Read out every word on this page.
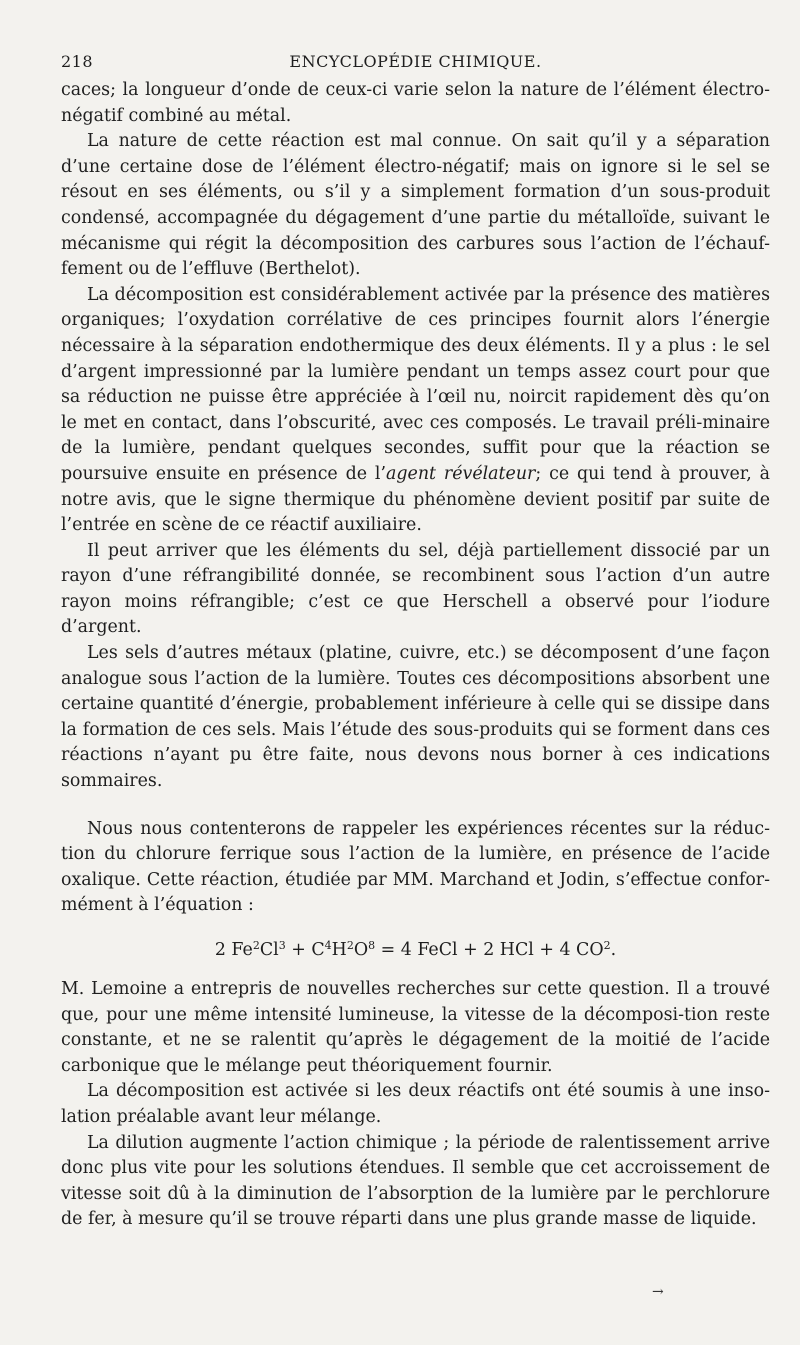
218	ENCYCLOPÉDIE CHIMIQUE.

caces; la longueur d’onde de ceux-ci varie selon la nature de l’élément électro-négatif combiné au métal.

La nature de cette réaction est mal connue. On sait qu’il y a séparation d’une certaine dose de l’élément électro-négatif; mais on ignore si le sel se résout en ses éléments, ou s’il y a simplement formation d’un sous-produit condensé, accompagnée du dégagement d’une partie du métalloïde, suivant le mécanisme qui régit la décomposition des carbures sous l’action de l’échauf-fement ou de l’effluve (Berthelot).

La décomposition est considérablement activée par la présence des matières organiques; l’oxydation corrélative de ces principes fournit alors l’énergie nécessaire à la séparation endothermique des deux éléments. Il y a plus : le sel d’argent impressionné par la lumière pendant un temps assez court pour que sa réduction ne puisse être appréciée à l’œil nu, noircit rapidement dès qu’on le met en contact, dans l’obscurité, avec ces composés. Le travail préli-minaire de la lumière, pendant quelques secondes, suffit pour que la réaction se poursuive ensuite en présence de l’agent révélateur; ce qui tend à prouver, à notre avis, que le signe thermique du phénomène devient positif par suite de l’entrée en scène de ce réactif auxiliaire.

Il peut arriver que les éléments du sel, déjà partiellement dissocié par un rayon d’une réfrangibilité donnée, se recombinent sous l’action d’un autre rayon moins réfrangible; c’est ce que Herschell a observé pour l’iodure d’argent.

Les sels d’autres métaux (platine, cuivre, etc.) se décomposent d’une façon analogue sous l’action de la lumière. Toutes ces décompositions absorbent une certaine quantité d’énergie, probablement inférieure à celle qui se dissipe dans la formation de ces sels. Mais l’étude des sous-produits qui se forment dans ces réactions n’ayant pu être faite, nous devons nous borner à ces indications sommaires.

Nous nous contenterons de rappeler les expériences récentes sur la réduc-tion du chlorure ferrique sous l’action de la lumière, en présence de l’acide oxalique. Cette réaction, étudiée par MM. Marchand et Jodin, s’effectue confor-mément à l’équation :

2 $Fe^2Cl^3 + C^4H^2O^8 = 4$ FeCl + 2 HCl + 4 $CO^2$.

M. Lemoine a entrepris de nouvelles recherches sur cette question. Il a trouvé que, pour une même intensité lumineuse, la vitesse de la décomposi-tion reste constante, et ne se ralentit qu’après le dégagement de la moitié de l’acide carbonique que le mélange peut théoriquement fournir.

La décomposition est activée si les deux réactifs ont été soumis à une inso-lation préalable avant leur mélange.

La dilution augmente l’action chimique ; la période de ralentissement arrive donc plus vite pour les solutions étendues. Il semble que cet accroissement de vitesse soit dû à la diminution de l’absorption de la lumière par le perchlorure de fer, à mesure qu’il se trouve réparti dans une plus grande masse de liquide.

→
